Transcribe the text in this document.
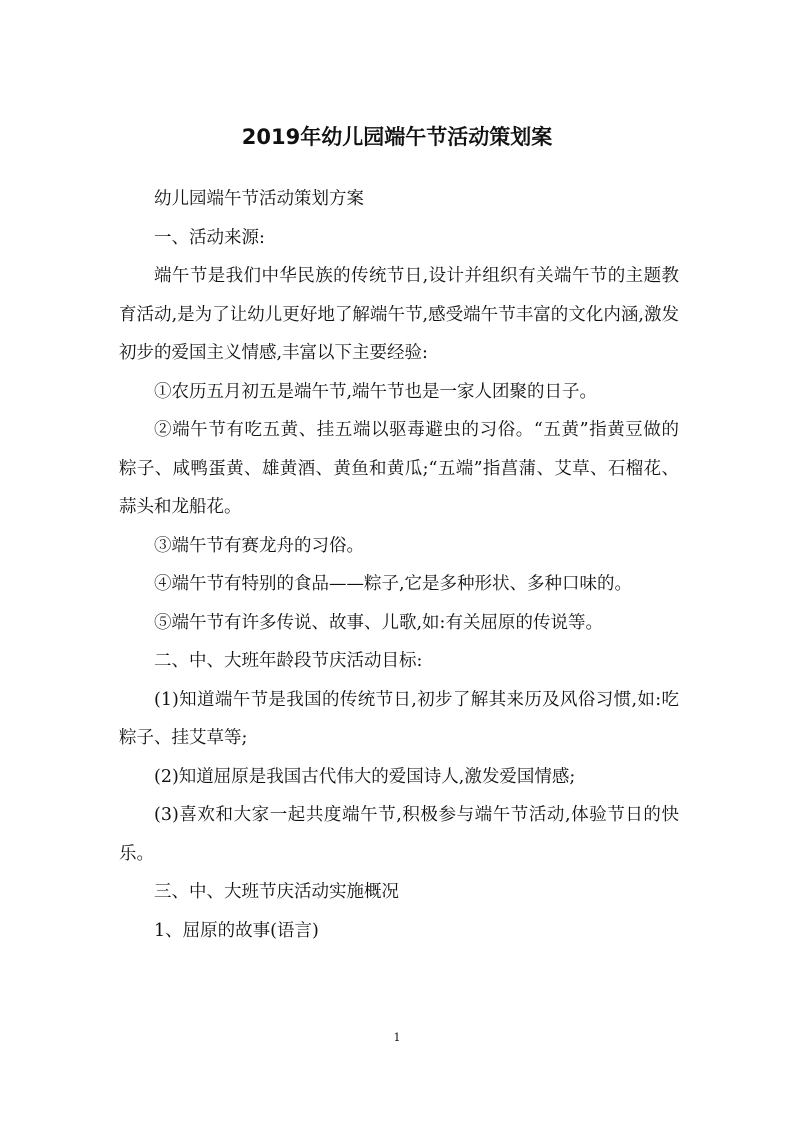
2019年幼儿园端午节活动策划案

幼儿园端午节活动策划方案

一、活动来源:

端午节是我们中华民族的传统节日,设计并组织有关端午节的主题教育活动,是为了让幼儿更好地了解端午节,感受端午节丰富的文化内涵,激发初步的爱国主义情感,丰富以下主要经验:

①农历五月初五是端午节,端午节也是一家人团聚的日子。

②端午节有吃五黄、挂五端以驱毒避虫的习俗。“五黄”指黄豆做的粽子、咸鸭蛋黄、雄黄酒、黄鱼和黄瓜;“五端”指菖蒲、艾草、石榴花、蒜头和龙船花。

③端午节有赛龙舟的习俗。

④端午节有特别的食品——粽子,它是多种形状、多种口味的。

⑤端午节有许多传说、故事、儿歌,如:有关屈原的传说等。

二、中、大班年龄段节庆活动目标:

(1)知道端午节是我国的传统节日,初步了解其来历及风俗习惯,如:吃粽子、挂艾草等;

(2)知道屈原是我国古代伟大的爱国诗人,激发爱国情感;

(3)喜欢和大家一起共度端午节,积极参与端午节活动,体验节日的快乐。

三、中、大班节庆活动实施概况

1、屈原的故事(语言)

1
